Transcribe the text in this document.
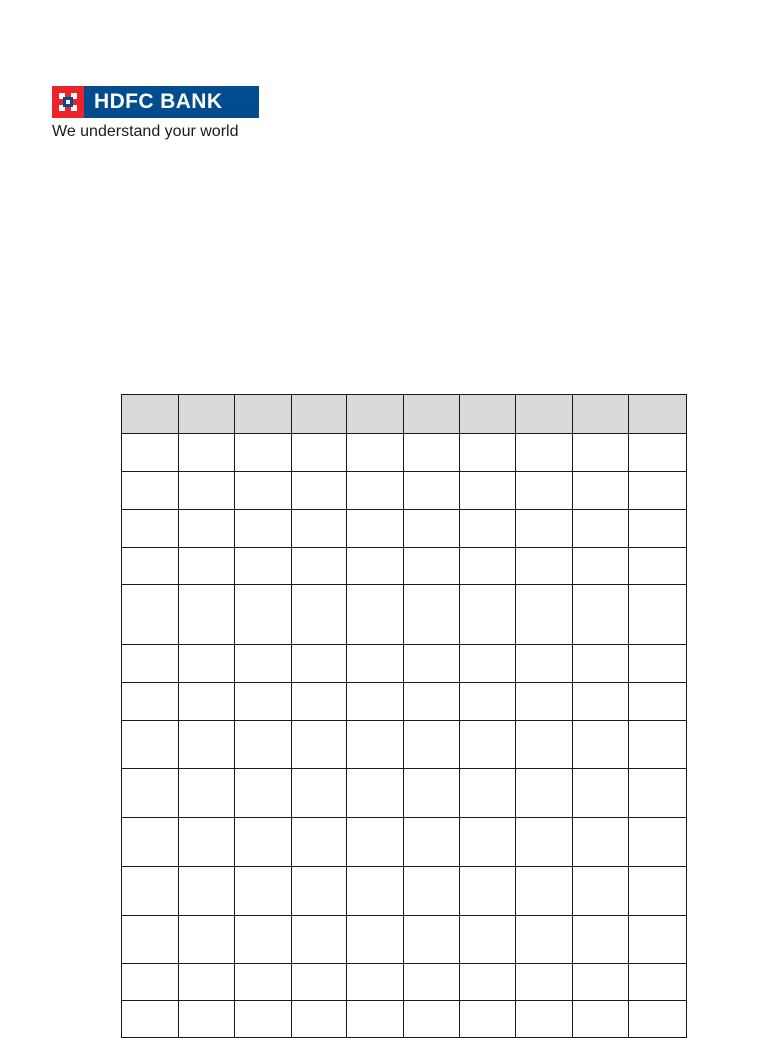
HDFC BANK
We understand your world
